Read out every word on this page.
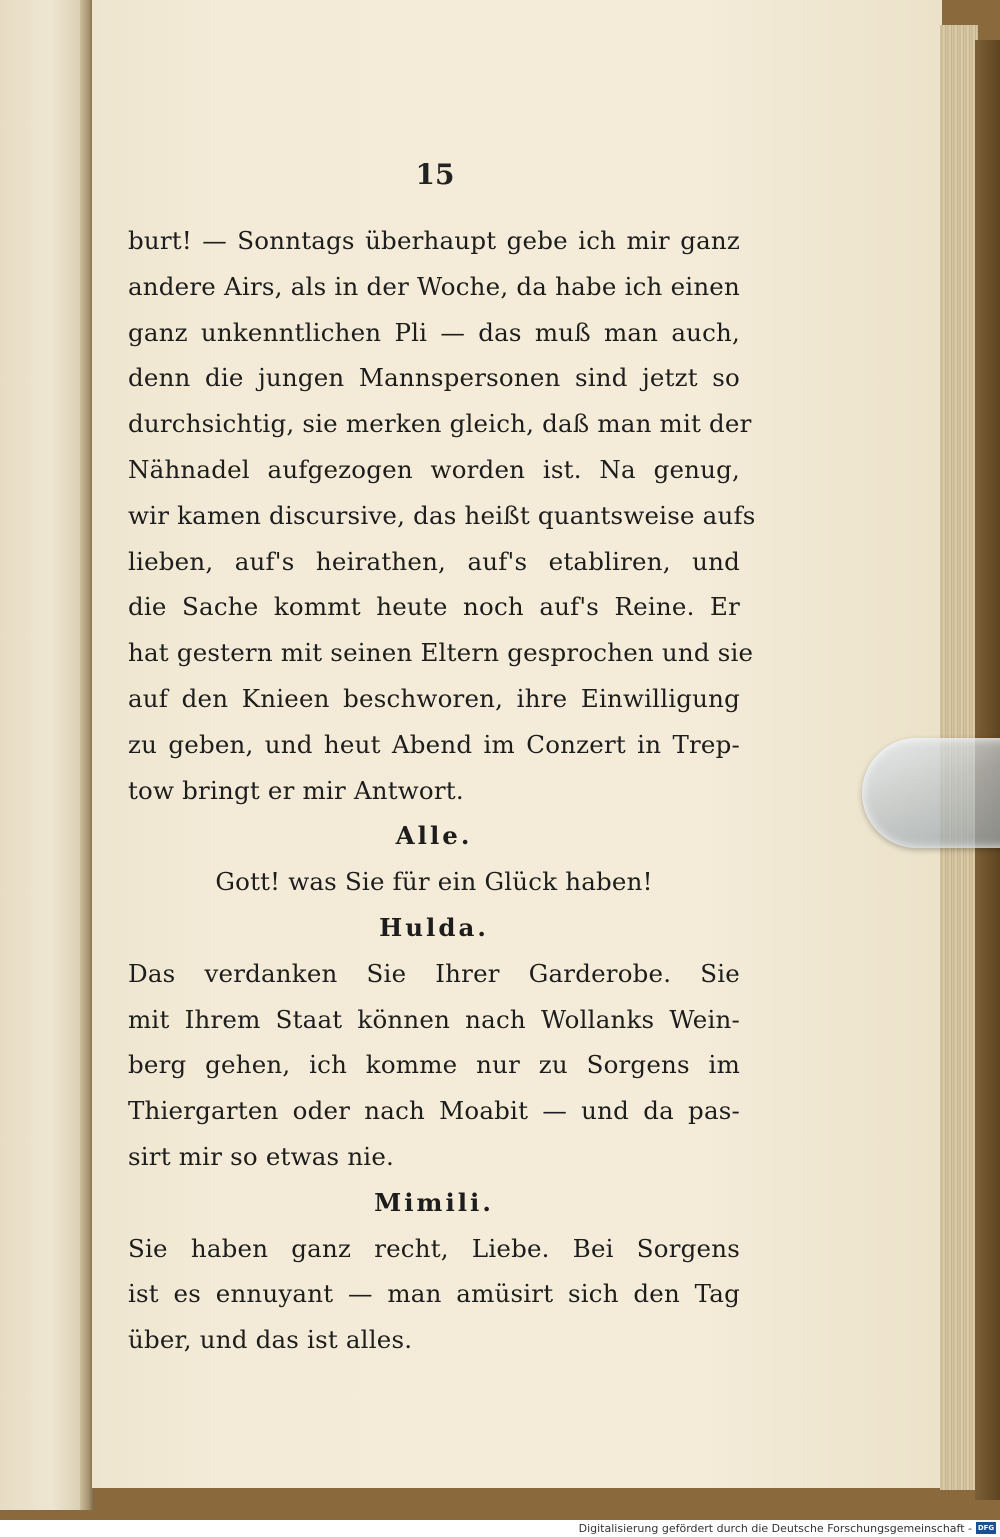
15
burt! — Sonntags überhaupt gebe ich mir ganz
andere Airs, als in der Woche, da habe ich einen
ganz unkenntlichen Pli — das muß man auch,
denn die jungen Mannspersonen sind jetzt so
durchsichtig, sie merken gleich, daß man mit der
Nähnadel aufgezogen worden ist. Na genug,
wir kamen discursive, das heißt quantsweise aufs
lieben, auf's heirathen, auf's etabliren, und
die Sache kommt heute noch auf's Reine. Er
hat gestern mit seinen Eltern gesprochen und sie
auf den Knieen beschworen, ihre Einwilligung
zu geben, und heut Abend im Conzert in Trep-
tow bringt er mir Antwort.
Alle.
Gott! was Sie für ein Glück haben!
Hulda.
Das verdanken Sie Ihrer Garderobe. Sie
mit Ihrem Staat können nach Wollanks Wein-
berg gehen, ich komme nur zu Sorgens im
Thiergarten oder nach Moabit — und da pas-
sirt mir so etwas nie.
Mimili.
Sie haben ganz recht, Liebe. Bei Sorgens
ist es ennuyant — man amüsirt sich den Tag
über, und das ist alles.
Digitalisierung gefördert durch die Deutsche Forschungsgemeinschaft - DFG
